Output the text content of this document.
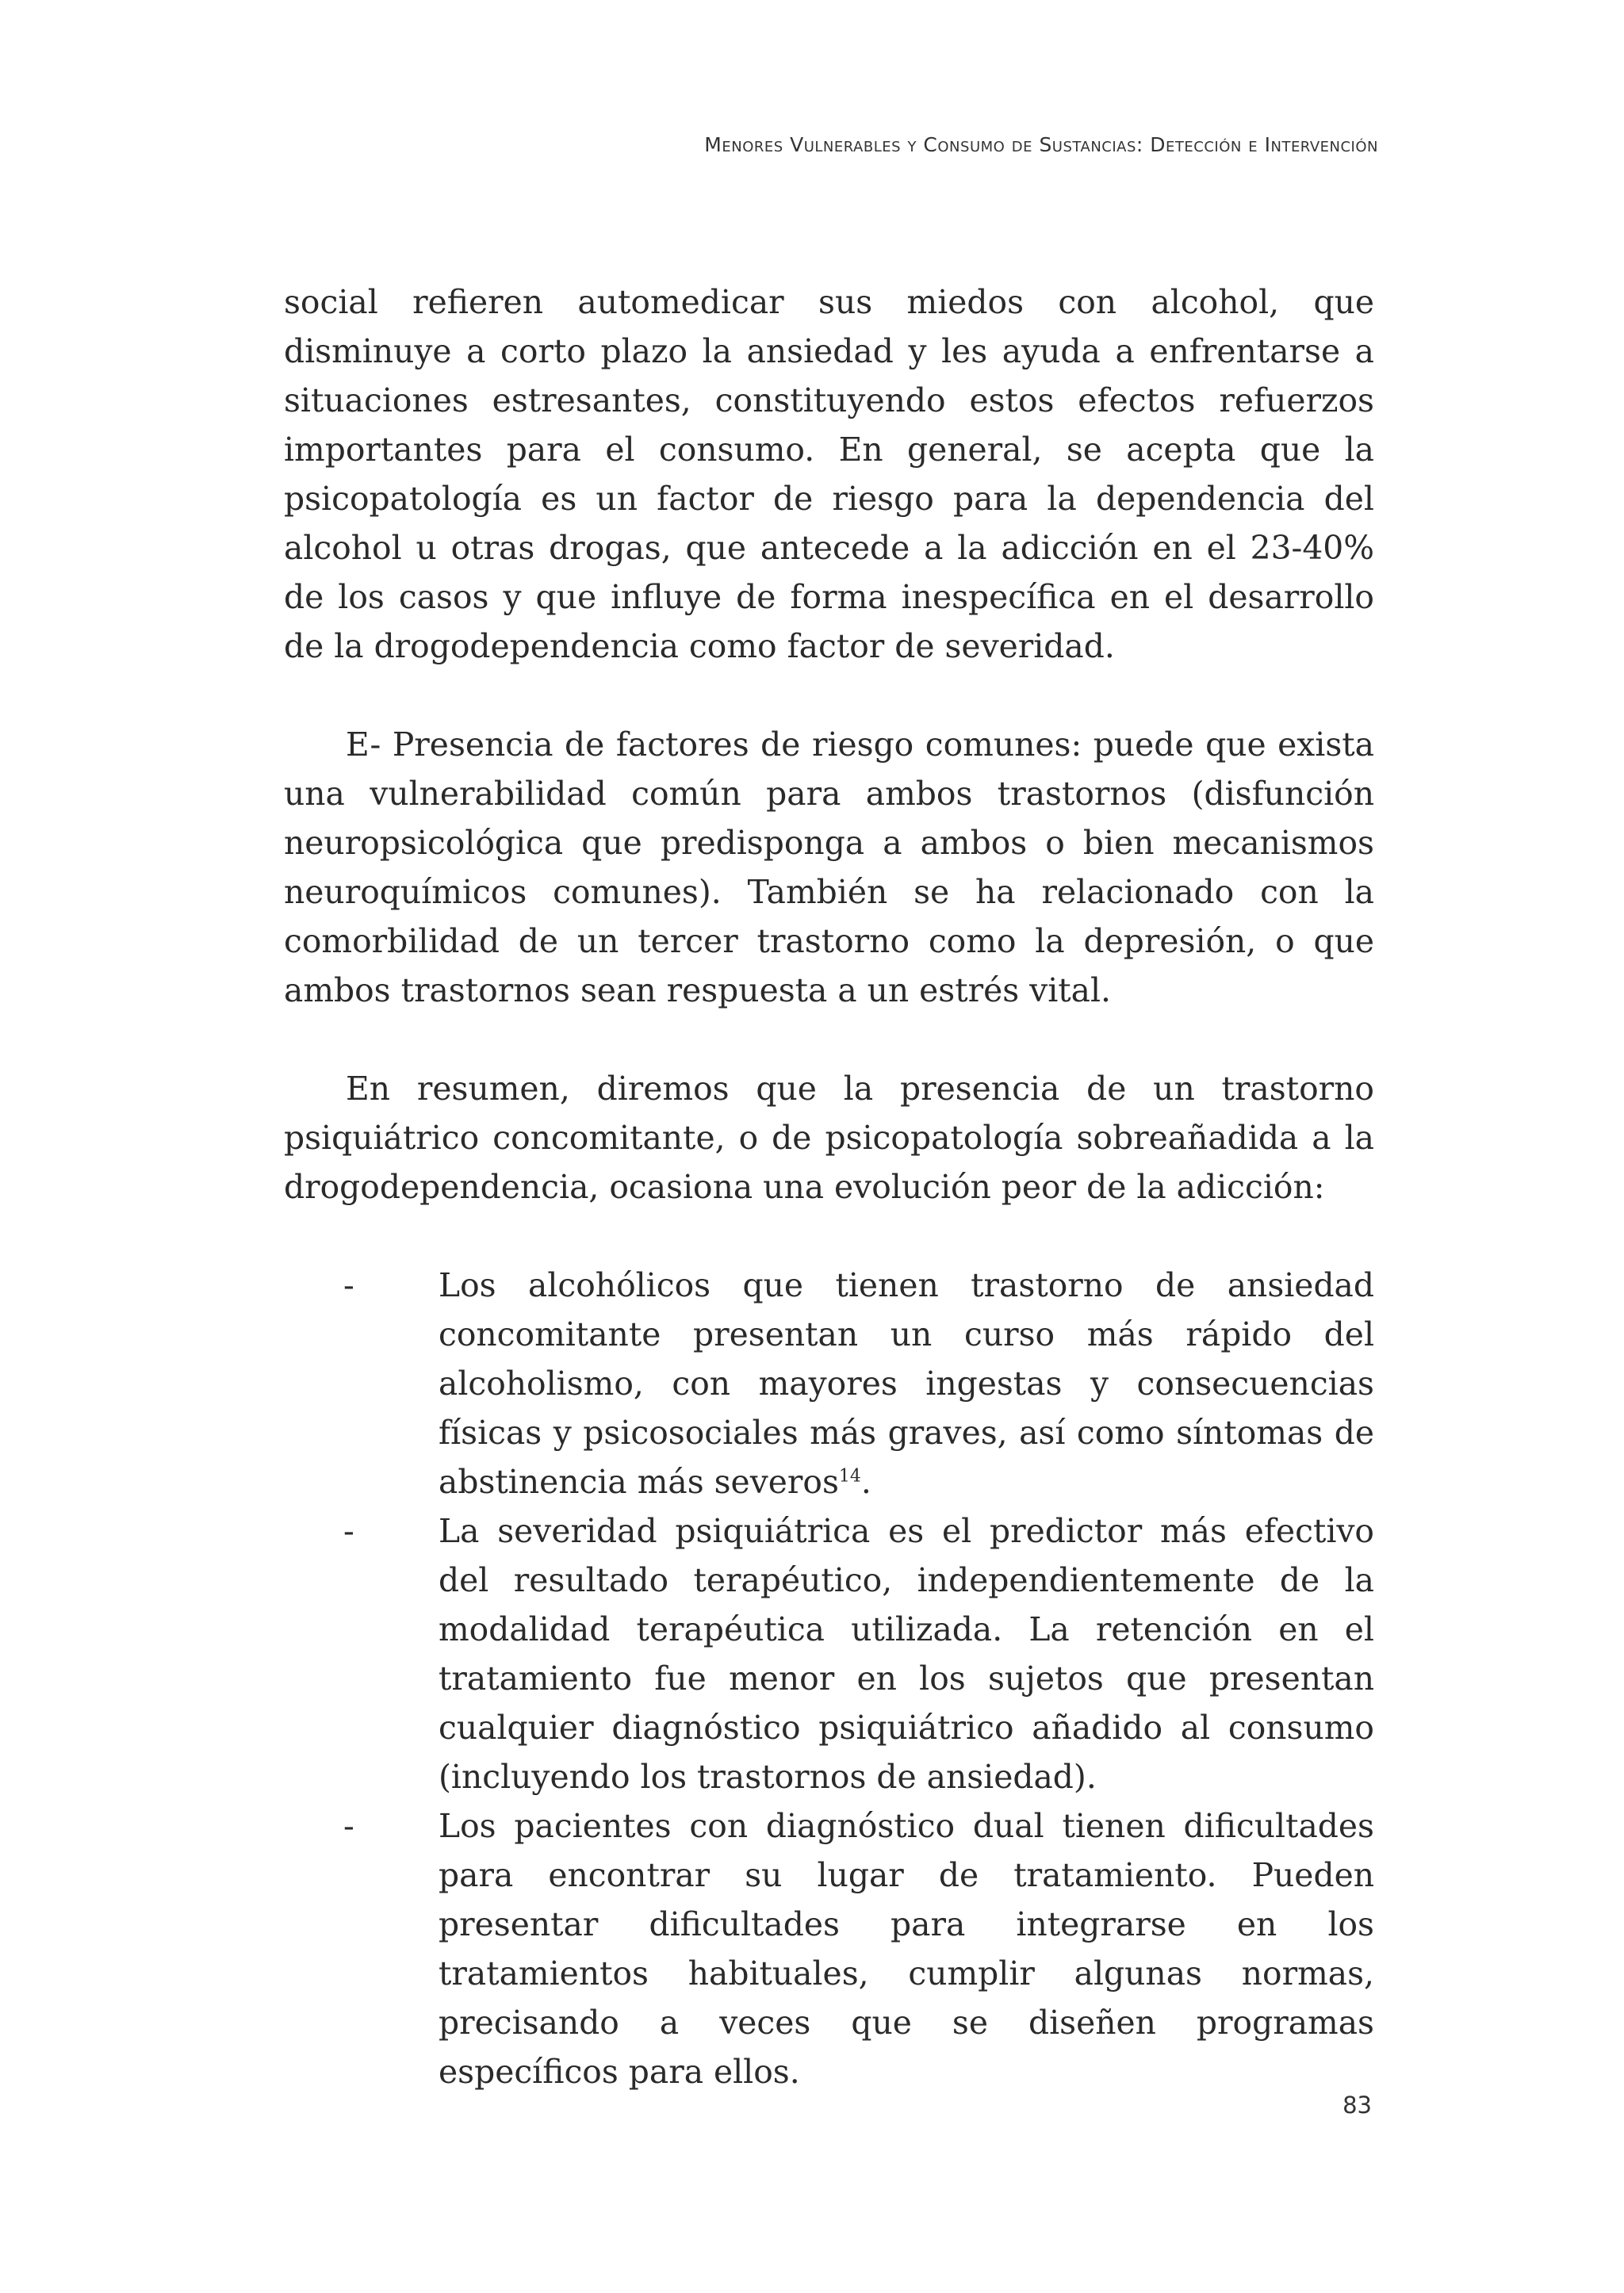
Menores Vulnerables y Consumo de Sustancias: Detección e Intervención

social refieren automedicar sus miedos con alcohol, que disminuye a corto plazo la ansiedad y les ayuda a enfrentarse a situaciones estresantes, constituyendo estos efectos refuerzos importantes para el consumo. En general, se acepta que la psicopatología es un factor de riesgo para la dependencia del alcohol u otras drogas, que antecede a la adicción en el 23-40% de los casos y que influye de forma inespecífica en el desarrollo de la drogodependencia como factor de severidad.

E- Presencia de factores de riesgo comunes: puede que exista una vulnerabilidad común para ambos trastornos (disfunción neuropsicológica que predisponga a ambos o bien mecanismos neuroquímicos comunes). También se ha relacionado con la comorbilidad de un tercer trastorno como la depresión, o que ambos trastornos sean respuesta a un estrés vital.

En resumen, diremos que la presencia de un trastorno psiquiátrico concomitante, o de psicopatología sobreañadida a la drogodependencia, ocasiona una evolución peor de la adicción:

-	Los alcohólicos que tienen trastorno de ansiedad concomitante presentan un curso más rápido del alcoholismo, con mayores ingestas y consecuencias físicas y psicosociales más graves, así como síntomas de abstinencia más severos$^{14}$.
-	La severidad psiquiátrica es el predictor más efectivo del resultado terapéutico, independientemente de la modalidad terapéutica utilizada. La retención en el tratamiento fue menor en los sujetos que presentan cualquier diagnóstico psiquiátrico añadido al consumo (incluyendo los trastornos de ansiedad).
-	Los pacientes con diagnóstico dual tienen dificultades para encontrar su lugar de tratamiento. Pueden presentar dificultades para integrarse en los tratamientos habituales, cumplir algunas normas, precisando a veces que se diseñen programas específicos para ellos.
83
